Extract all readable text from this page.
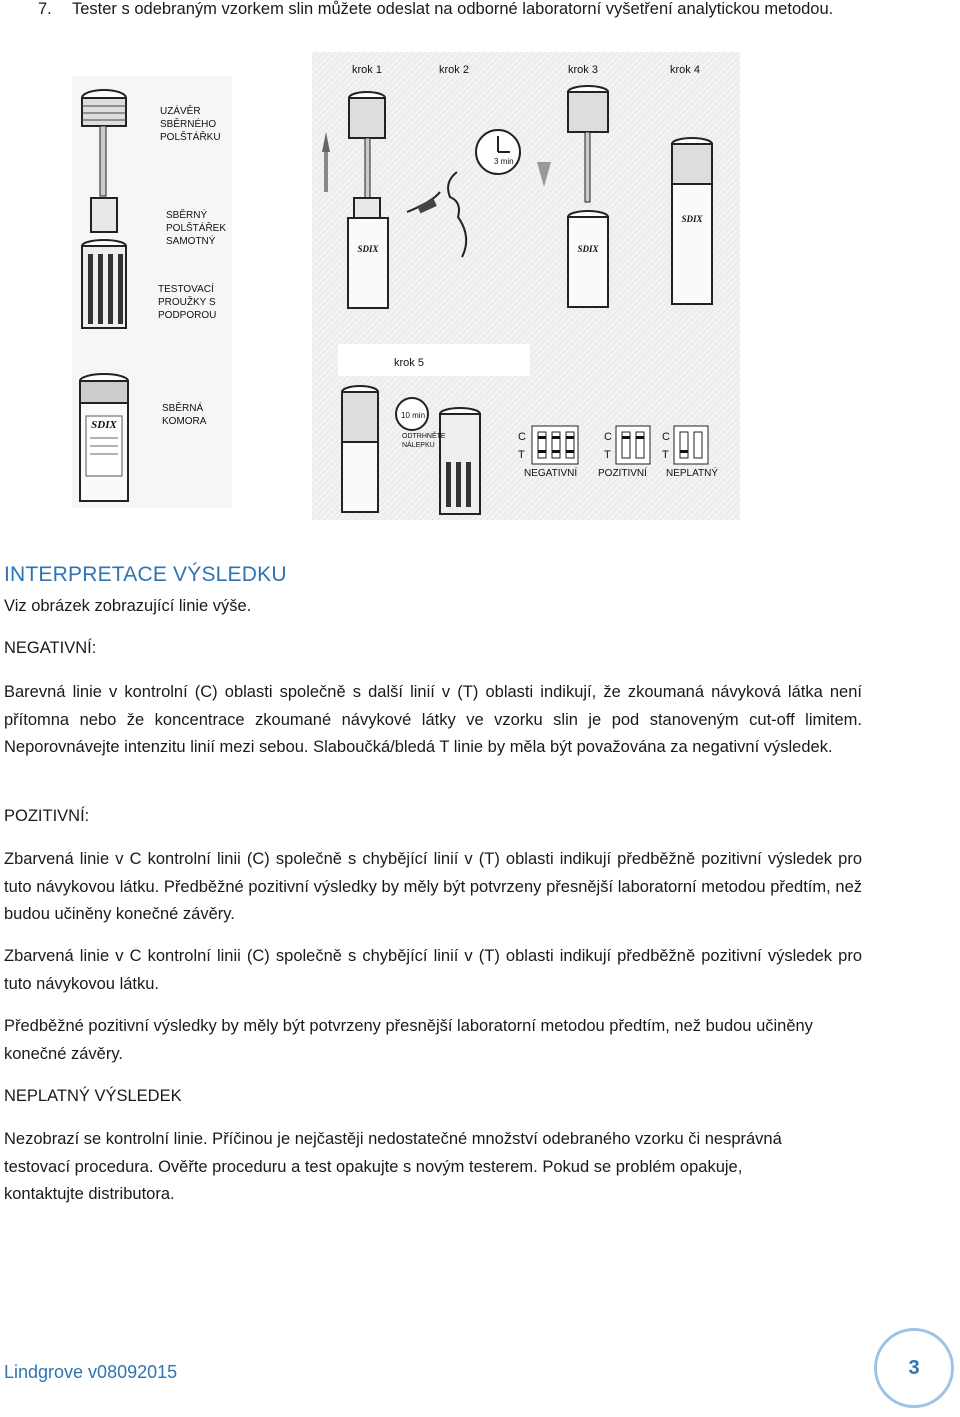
7. Tester s odebraným vzorkem slin můžete odeslat na odborné laboratorní vyšetření analytickou metodou.
SDIX
UZÁVĚR
SBĚRNÉHO
POLŠTÁŘKU
SBĚRNÝ
POLŠTÁŘEK
SAMOTNÝ
TESTOVACÍ
PROUŽKY S
PODPOROU
SBĚRNÁ
KOMORA
krok 1	krok 2	krok 3	krok 4
SDIX
3 min
SDIX
SDIX
krok 5
10 min
ODTRHNĚTE
NÁLEPKU
C
T
C
T
C
T
NEGATIVNÍ POZITIVNÍ NEPLATNÝ
INTERPRETACE VÝSLEDKU
Viz obrázek zobrazující linie výše.
NEGATIVNÍ:
Barevná linie v kontrolní (C) oblasti společně s další linií v (T) oblasti indikují, že zkoumaná návyková látka není přítomna nebo že koncentrace zkoumané návykové látky ve vzorku slin je pod stanoveným cut-off limitem. Neporovnávejte intenzitu linií mezi sebou. Slaboučká/bledá T linie by měla být považována za negativní výsledek.
POZITIVNÍ:
Zbarvená linie v C kontrolní linii (C) společně s chybějící linií v (T) oblasti indikují předběžně pozitivní výsledek pro tuto návykovou látku. Předběžné pozitivní výsledky by měly být potvrzeny přesnější laboratorní metodou předtím, než budou učiněny konečné závěry.
Zbarvená linie v C kontrolní linii (C) společně s chybějící linií v (T) oblasti indikují předběžně pozitivní výsledek pro tuto návykovou látku.
Předběžné pozitivní výsledky by měly být potvrzeny přesnější laboratorní metodou předtím, než budou učiněny konečné závěry.
NEPLATNÝ VÝSLEDEK
Nezobrazí se kontrolní linie. Příčinou je nejčastěji nedostatečné množství odebraného vzorku či nesprávná testovací procedura. Ověřte proceduru a test opakujte s novým testerem. Pokud se problém opakuje, kontaktujte distributora.
Lindgrove v08092015	3
